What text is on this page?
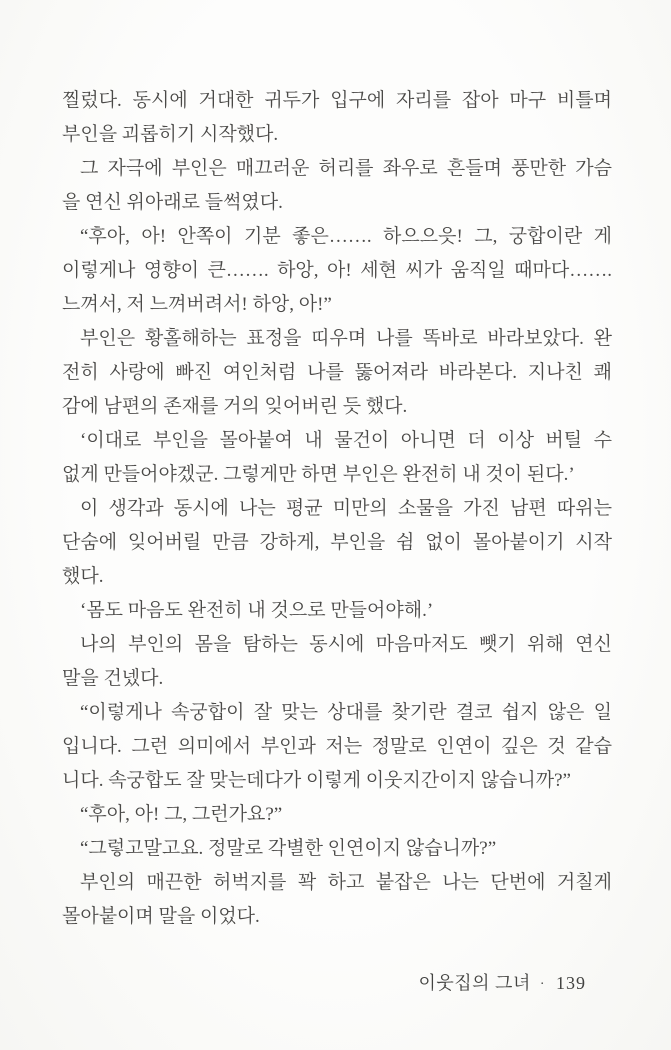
찔렀다. 동시에 거대한 귀두가 입구에 자리를 잡아 마구 비틀며
부인을 괴롭히기 시작했다.
그 자극에 부인은 매끄러운 허리를 좌우로 흔들며 풍만한 가슴
을 연신 위아래로 들썩였다.
“후아, 아! 안쪽이 기분 좋은……. 하으으읏! 그, 궁합이란 게
이렇게나 영향이 큰……. 하앙, 아! 세현 씨가 움직일 때마다…….
느껴서, 저 느껴버려서! 하앙, 아!”
부인은 황홀해하는 표정을 띠우며 나를 똑바로 바라보았다. 완
전히 사랑에 빠진 여인처럼 나를 뚫어져라 바라본다. 지나친 쾌
감에 남편의 존재를 거의 잊어버린 듯 했다.
‘이대로 부인을 몰아붙여 내 물건이 아니면 더 이상 버틸 수
없게 만들어야겠군. 그렇게만 하면 부인은 완전히 내 것이 된다.’
이 생각과 동시에 나는 평균 미만의 소물을 가진 남편 따위는
단숨에 잊어버릴 만큼 강하게, 부인을 쉼 없이 몰아붙이기 시작
했다.
‘몸도 마음도 완전히 내 것으로 만들어야해.’
나의 부인의 몸을 탐하는 동시에 마음마저도 뺏기 위해 연신
말을 건넸다.
“이렇게나 속궁합이 잘 맞는 상대를 찾기란 결코 쉽지 않은 일
입니다. 그런 의미에서 부인과 저는 정말로 인연이 깊은 것 같습
니다. 속궁합도 잘 맞는데다가 이렇게 이웃지간이지 않습니까?”
“후아, 아! 그, 그런가요?”
“그렇고말고요. 정말로 각별한 인연이지 않습니까?”
부인의 매끈한 허벅지를 꽉 하고 붙잡은 나는 단번에 거칠게
몰아붙이며 말을 이었다.
이웃집의 그녀 · 139
